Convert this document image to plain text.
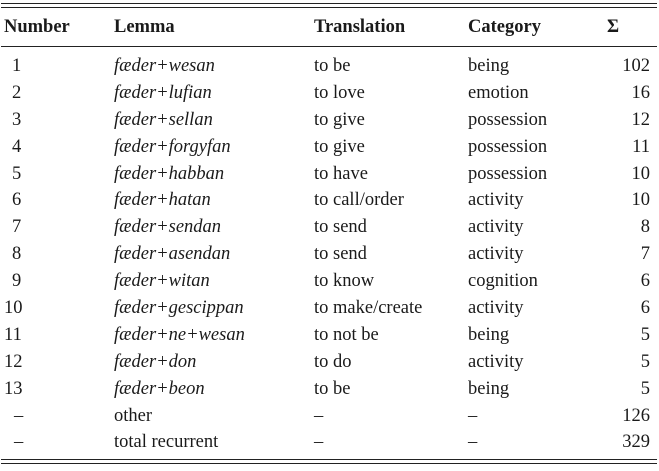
Number	Lemma	Translation	Category	Σ
1	fæder+wesan	to be	being	102
2	fæder+lufian	to love	emotion	16
3	fæder+sellan	to give	possession	12
4	fæder+forgyfan	to give	possession	11
5	fæder+habban	to have	possession	10
6	fæder+hatan	to call/order	activity	10
7	fæder+sendan	to send	activity	8
8	fæder+asendan	to send	activity	7
9	fæder+witan	to know	cognition	6
10	fæder+gescippan	to make/create	activity	6
11	fæder+ne+wesan	to not be	being	5
12	fæder+don	to do	activity	5
13	fæder+beon	to be	being	5
–	other	–	–	126
–	total recurrent	–	–	329
